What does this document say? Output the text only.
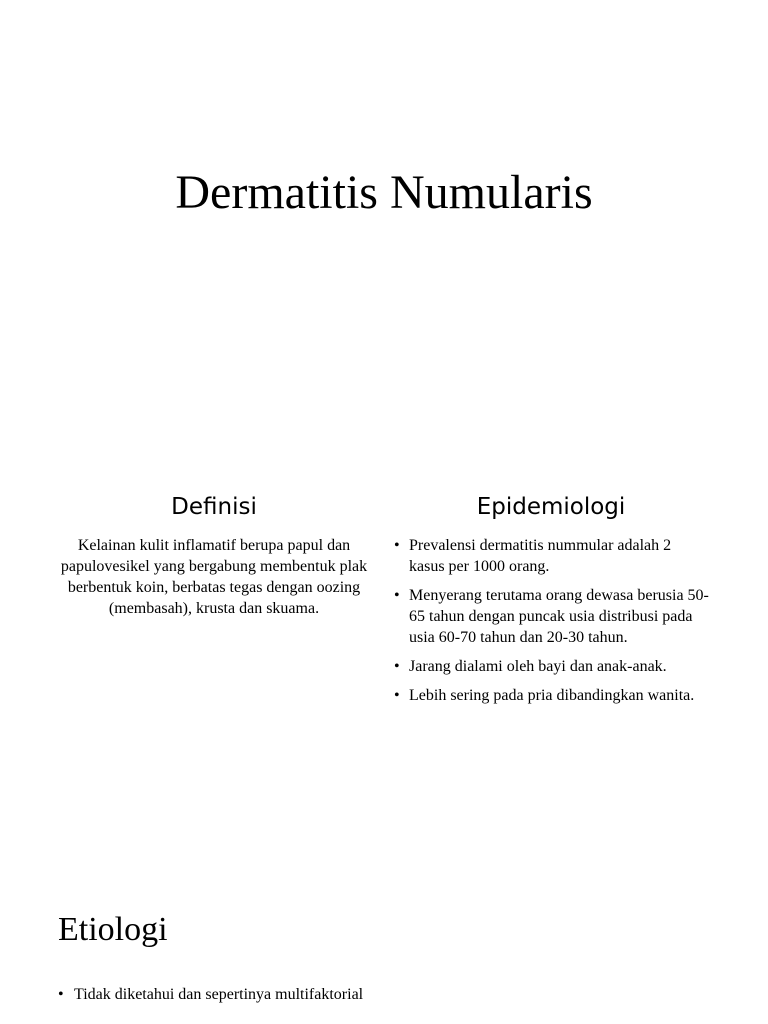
Dermatitis Numularis
Definisi

Kelainan kulit inflamatif berupa papul dan papulovesikel yang bergabung membentuk plak berbentuk koin, berbatas tegas dengan oozing (membasah), krusta dan skuama.

Epidemiologi
• Prevalensi dermatitis nummular adalah 2 kasus per 1000 orang.
• Menyerang terutama orang dewasa berusia 50-65 tahun dengan puncak usia distribusi pada usia 60-70 tahun dan 20-30 tahun.
• Jarang dialami oleh bayi dan anak-anak.
• Lebih sering pada pria dibandingkan wanita.
Etiologi
• Tidak diketahui dan sepertinya multifaktorial
